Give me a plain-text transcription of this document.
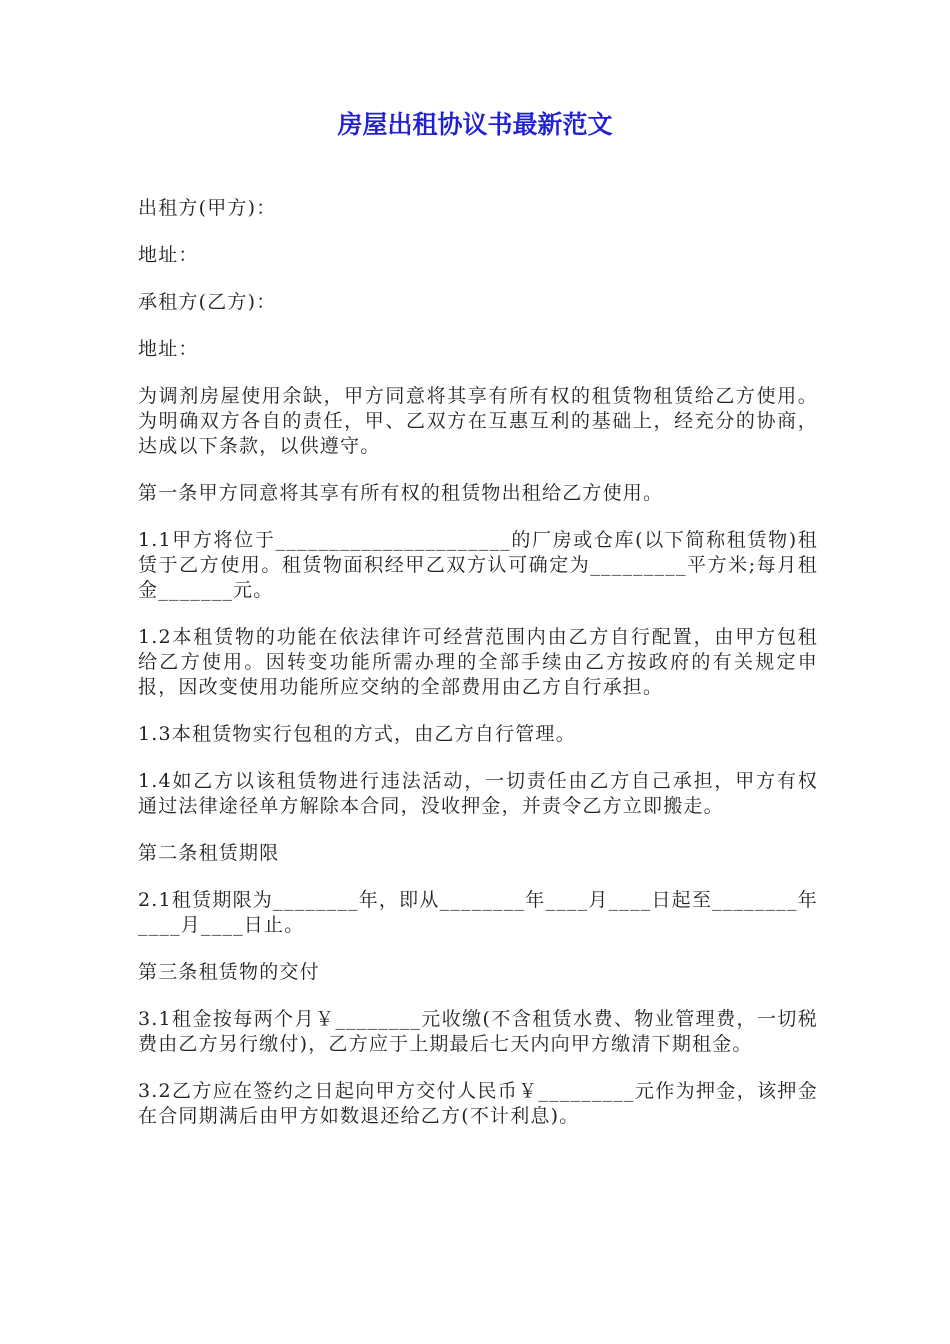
房屋出租协议书最新范文

出租方(甲方)：

地址：

承租方(乙方)：

地址：

为调剂房屋使用余缺，甲方同意将其享有所有权的租赁物租赁给乙方使用。为明确双方各自的责任，甲、乙双方在互惠互利的基础上，经充分的协商，达成以下条款，以供遵守。

第一条甲方同意将其享有所有权的租赁物出租给乙方使用。

1.1甲方将位于______________________的厂房或仓库(以下简称租赁物)租赁于乙方使用。租赁物面积经甲乙双方认可确定为_________平方米;每月租金_______元。

1.2本租赁物的功能在依法律许可经营范围内由乙方自行配置，由甲方包租给乙方使用。因转变功能所需办理的全部手续由乙方按政府的有关规定申报，因改变使用功能所应交纳的全部费用由乙方自行承担。

1.3本租赁物实行包租的方式，由乙方自行管理。

1.4如乙方以该租赁物进行违法活动，一切责任由乙方自己承担，甲方有权通过法律途径单方解除本合同，没收押金，并责令乙方立即搬走。

第二条租赁期限

2.1租赁期限为________年，即从________年____月____日起至________年____月____日止。

第三条租赁物的交付

3.1租金按每两个月￥________元收缴(不含租赁水费、物业管理费，一切税费由乙方另行缴付)，乙方应于上期最后七天内向甲方缴清下期租金。

3.2乙方应在签约之日起向甲方交付人民币￥_________元作为押金，该押金在合同期满后由甲方如数退还给乙方(不计利息)。
